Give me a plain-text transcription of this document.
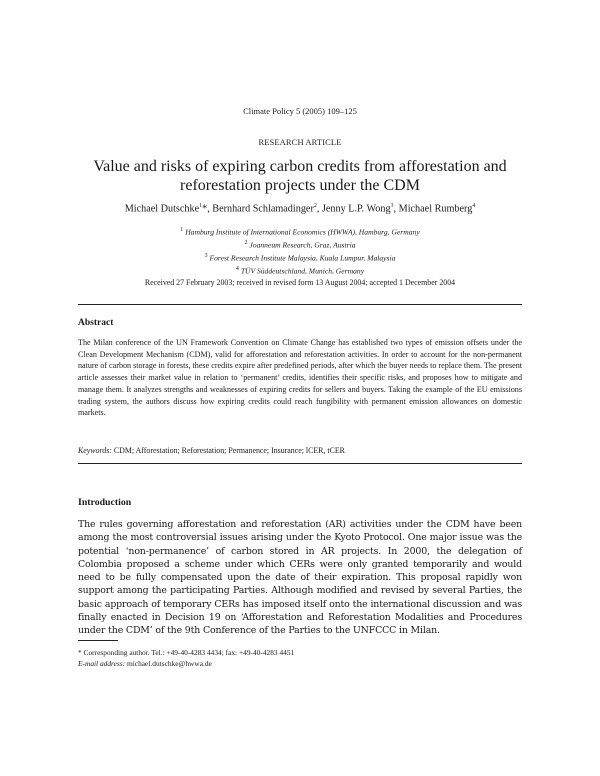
Climate Policy 5 (2005) 109–125
RESEARCH ARTICLE
Value and risks of expiring carbon credits from afforestation and reforestation projects under the CDM
Michael Dutschke$^1$*, Bernhard Schlamadinger$^2$, Jenny L.P. Wong$^3$, Michael Rumberg$^4$
$^1$ Hamburg Institute of International Economics (HWWA), Hamburg, Germany
$^2$ Joanneum Research, Graz, Austria
$^3$ Forest Research Institute Malaysia, Kuala Lumpur, Malaysia
$^4$ TÜV Süddeutschland, Munich, Germany
Received 27 February 2003; received in revised form 13 August 2004; accepted 1 December 2004
Abstract
The Milan conference of the UN Framework Convention on Climate Change has established two types of emission offsets under the Clean Development Mechanism (CDM), valid for afforestation and reforestation activities. In order to account for the non-permanent nature of carbon storage in forests, these credits expire after predefined periods, after which the buyer needs to replace them. The present article assesses their market value in relation to ‘permanent’ credits, identifies their specific risks, and proposes how to mitigate and manage them. It analyzes strengths and weaknesses of expiring credits for sellers and buyers. Taking the example of the EU emissions trading system, the authors discuss how expiring credits could reach fungibility with permanent emission allowances on domestic markets.
Keywords: CDM; Afforestation; Reforestation; Permanence; Insurance; lCER, tCER
Introduction
The rules governing afforestation and reforestation (AR) activities under the CDM have been among the most controversial issues arising under the Kyoto Protocol. One major issue was the potential ‘non-permanence’ of carbon stored in AR projects. In 2000, the delegation of Colombia proposed a scheme under which CERs were only granted temporarily and would need to be fully compensated upon the date of their expiration. This proposal rapidly won support among the participating Parties. Although modified and revised by several Parties, the basic approach of temporary CERs has imposed itself onto the international discussion and was finally enacted in Decision 19 on ‘Afforestation and Reforestation Modalities and Procedures under the CDM’ of the 9th Conference of the Parties to the UNFCCC in Milan.
* Corresponding author. Tel.: +49-40-4283 4434; fax: +49-40-4283 4451
E-mail address: michael.dutschke@hwwa.de
